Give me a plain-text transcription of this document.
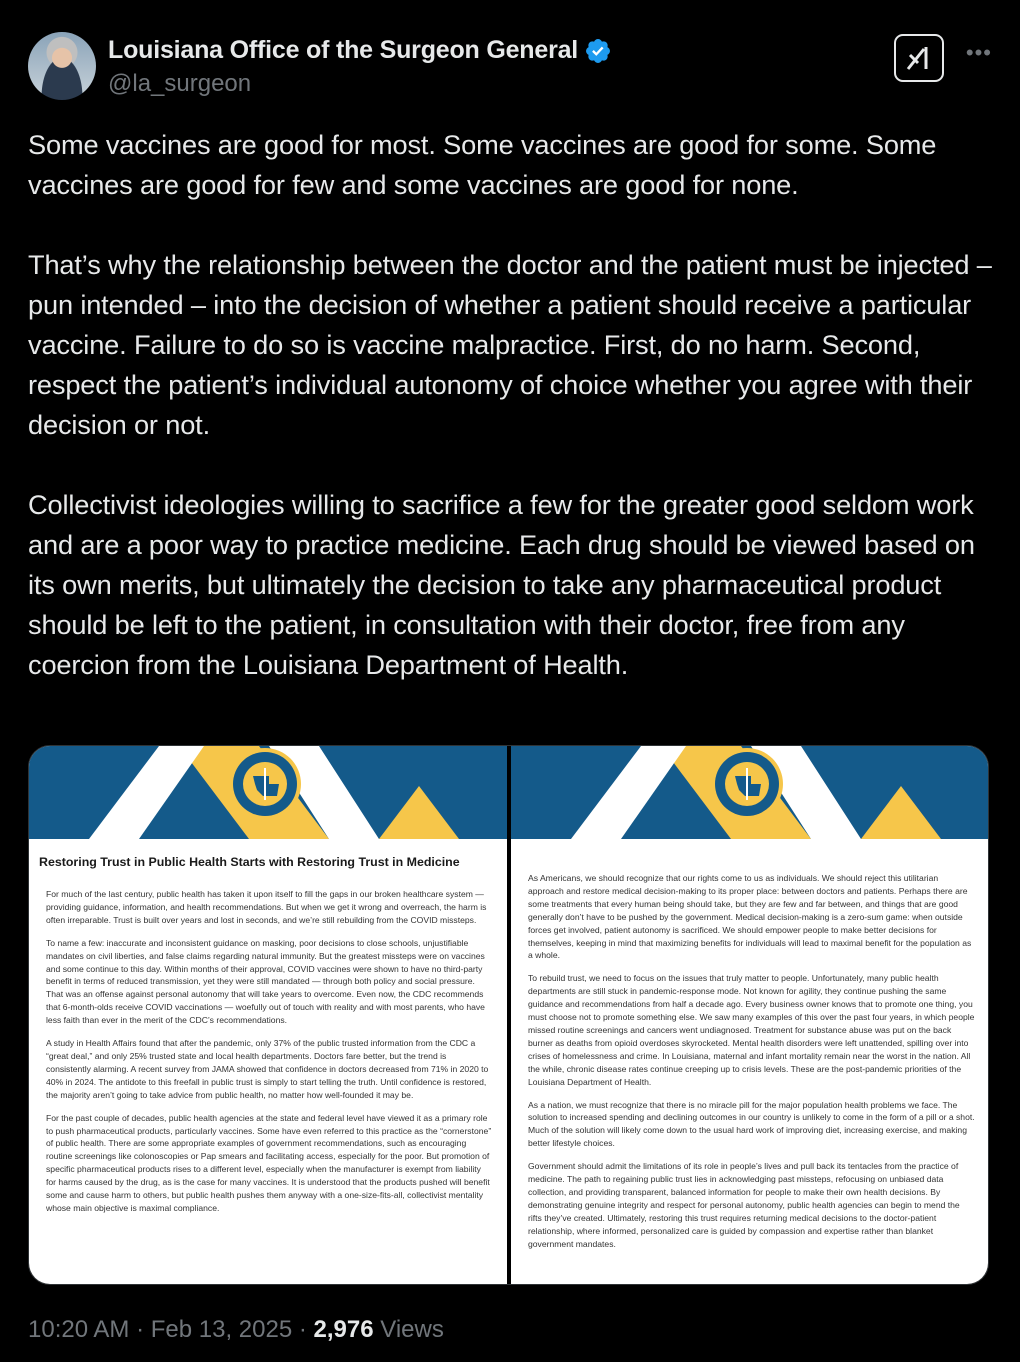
Louisiana Office of the Surgeon General
@la_surgeon
•••

Some vaccines are good for most. Some vaccines are good for some. Some vaccines are good for few and some vaccines are good for none.

That’s why the relationship between the doctor and the patient must be injected – pun intended – into the decision of whether a patient should receive a particular vaccine. Failure to do so is vaccine malpractice. First, do no harm. Second, respect the patient’s individual autonomy of choice whether you agree with their decision or not.

Collectivist ideologies willing to sacrifice a few for the greater good seldom work and are a poor way to practice medicine. Each drug should be viewed based on its own merits, but ultimately the decision to take any pharmaceutical product should be left to the patient, in consultation with their doctor, free from any coercion from the Louisiana Department of Health.

Restoring Trust in Public Health Starts with Restoring Trust in Medicine

For much of the last century, public health has taken it upon itself to fill the gaps in our broken healthcare system — providing guidance, information, and health recommendations. But when we get it wrong and overreach, the harm is often irreparable. Trust is built over years and lost in seconds, and we’re still rebuilding from the COVID missteps.

To name a few: inaccurate and inconsistent guidance on masking, poor decisions to close schools, unjustifiable mandates on civil liberties, and false claims regarding natural immunity. But the greatest missteps were on vaccines and some continue to this day. Within months of their approval, COVID vaccines were shown to have no third-party benefit in terms of reduced transmission, yet they were still mandated — through both policy and social pressure. That was an offense against personal autonomy that will take years to overcome. Even now, the CDC recommends that 6-month-olds receive COVID vaccinations — woefully out of touch with reality and with most parents, who have less faith than ever in the merit of the CDC’s recommendations.

A study in Health Affairs found that after the pandemic, only 37% of the public trusted information from the CDC a “great deal,” and only 25% trusted state and local health departments. Doctors fare better, but the trend is consistently alarming. A recent survey from JAMA showed that confidence in doctors decreased from 71% in 2020 to 40% in 2024. The antidote to this freefall in public trust is simply to start telling the truth. Until confidence is restored, the majority aren’t going to take advice from public health, no matter how well-founded it may be.

For the past couple of decades, public health agencies at the state and federal level have viewed it as a primary role to push pharmaceutical products, particularly vaccines. Some have even referred to this practice as the “cornerstone” of public health. There are some appropriate examples of government recommendations, such as encouraging routine screenings like colonoscopies or Pap smears and facilitating access, especially for the poor. But promotion of specific pharmaceutical products rises to a different level, especially when the manufacturer is exempt from liability for harms caused by the drug, as is the case for many vaccines. It is understood that the products pushed will benefit some and cause harm to others, but public health pushes them anyway with a one-size-fits-all, collectivist mentality whose main objective is maximal compliance.

As Americans, we should recognize that our rights come to us as individuals. We should reject this utilitarian approach and restore medical decision-making to its proper place: between doctors and patients. Perhaps there are some treatments that every human being should take, but they are few and far between, and things that are good generally don’t have to be pushed by the government. Medical decision-making is a zero-sum game: when outside forces get involved, patient autonomy is sacrificed. We should empower people to make better decisions for themselves, keeping in mind that maximizing benefits for individuals will lead to maximal benefit for the population as a whole.

To rebuild trust, we need to focus on the issues that truly matter to people. Unfortunately, many public health departments are still stuck in pandemic-response mode. Not known for agility, they continue pushing the same guidance and recommendations from half a decade ago. Every business owner knows that to promote one thing, you must choose not to promote something else. We saw many examples of this over the past four years, in which people missed routine screenings and cancers went undiagnosed. Treatment for substance abuse was put on the back burner as deaths from opioid overdoses skyrocketed. Mental health disorders were left unattended, spilling over into crises of homelessness and crime. In Louisiana, maternal and infant mortality remain near the worst in the nation. All the while, chronic disease rates continue creeping up to crisis levels. These are the post-pandemic priorities of the Louisiana Department of Health.

As a nation, we must recognize that there is no miracle pill for the major population health problems we face. The solution to increased spending and declining outcomes in our country is unlikely to come in the form of a pill or a shot. Much of the solution will likely come down to the usual hard work of improving diet, increasing exercise, and making better lifestyle choices.

Government should admit the limitations of its role in people’s lives and pull back its tentacles from the practice of medicine. The path to regaining public trust lies in acknowledging past missteps, refocusing on unbiased data collection, and providing transparent, balanced information for people to make their own health decisions. By demonstrating genuine integrity and respect for personal autonomy, public health agencies can begin to mend the rifts they’ve created. Ultimately, restoring this trust requires returning medical decisions to the doctor-patient relationship, where informed, personalized care is guided by compassion and expertise rather than blanket government mandates.

10:20 AM · Feb 13, 2025 · 2,976 Views
